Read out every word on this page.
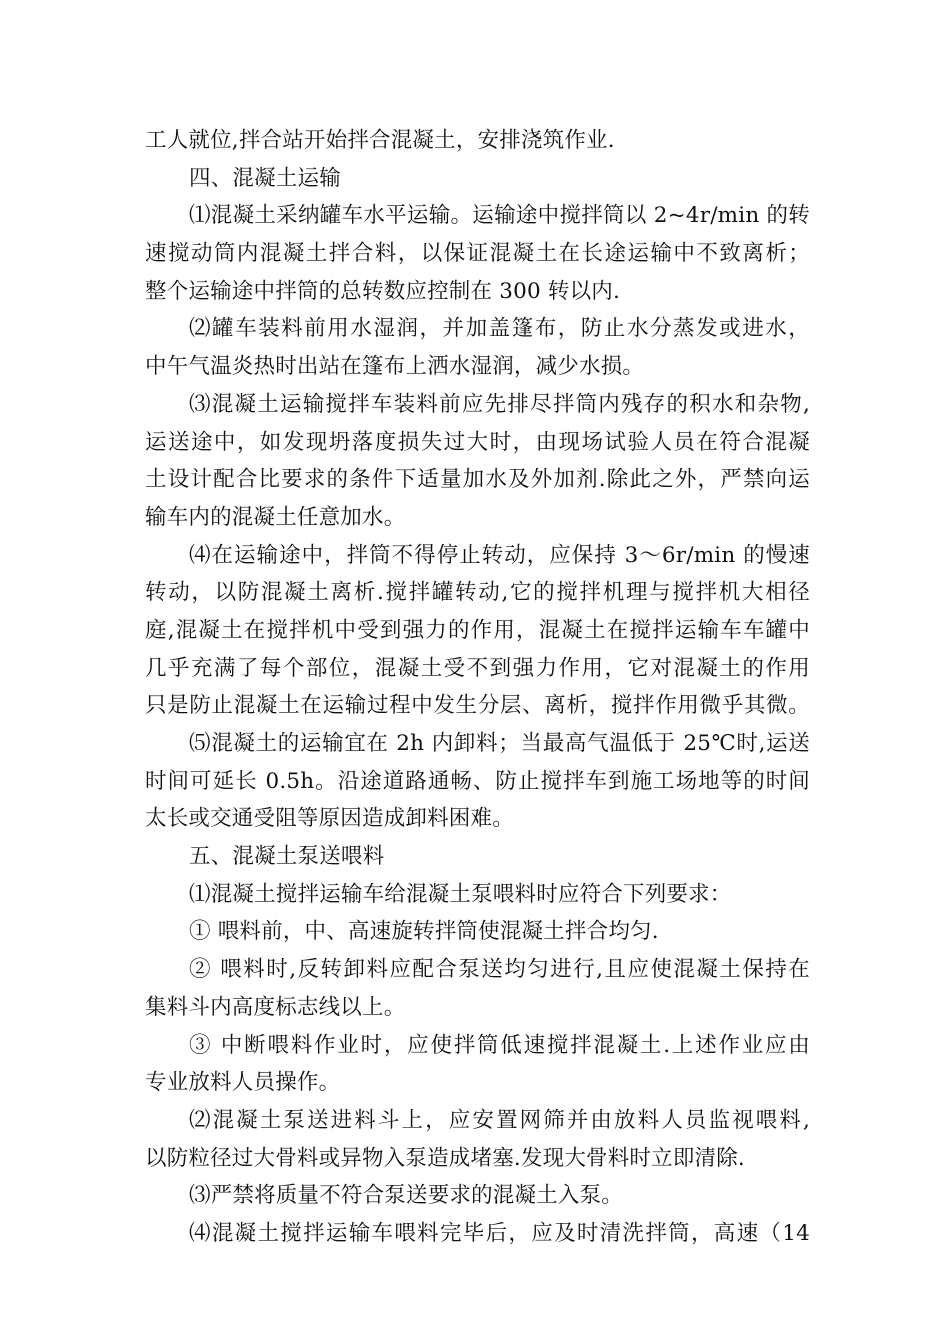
工人就位,拌合站开始拌合混凝土，安排浇筑作业.
四、混凝土运输
⑴混凝土采纳罐车水平运输。运输途中搅拌筒以 2~4r/min 的转
速搅动筒内混凝土拌合料，以保证混凝土在长途运输中不致离析；
整个运输途中拌筒的总转数应控制在 300 转以内.
⑵罐车装料前用水湿润，并加盖篷布，防止水分蒸发或进水，
中午气温炎热时出站在篷布上洒水湿润，减少水损。
⑶混凝土运输搅拌车装料前应先排尽拌筒内残存的积水和杂物,
运送途中，如发现坍落度损失过大时，由现场试验人员在符合混凝
土设计配合比要求的条件下适量加水及外加剂.除此之外，严禁向运
输车内的混凝土任意加水。
⑷在运输途中，拌筒不得停止转动，应保持 3～6r/min 的慢速
转动，以防混凝土离析.搅拌罐转动,它的搅拌机理与搅拌机大相径
庭,混凝土在搅拌机中受到强力的作用，混凝土在搅拌运输车车罐中
几乎充满了每个部位，混凝土受不到强力作用，它对混凝土的作用
只是防止混凝土在运输过程中发生分层、离析，搅拌作用微乎其微。
⑸混凝土的运输宜在 2h 内卸料；当最高气温低于 25℃时,运送
时间可延长 0.5h。沿途道路通畅、防止搅拌车到施工场地等的时间
太长或交通受阻等原因造成卸料困难。
五、混凝土泵送喂料
⑴混凝土搅拌运输车给混凝土泵喂料时应符合下列要求：
① 喂料前，中、高速旋转拌筒使混凝土拌合均匀.
② 喂料时,反转卸料应配合泵送均匀进行,且应使混凝土保持在
集料斗内高度标志线以上。
③ 中断喂料作业时，应使拌筒低速搅拌混凝土.上述作业应由
专业放料人员操作。
⑵混凝土泵送进料斗上，应安置网筛并由放料人员监视喂料,
以防粒径过大骨料或异物入泵造成堵塞.发现大骨料时立即清除.
⑶严禁将质量不符合泵送要求的混凝土入泵。
⑷混凝土搅拌运输车喂料完毕后，应及时清洗拌筒，高速（14
